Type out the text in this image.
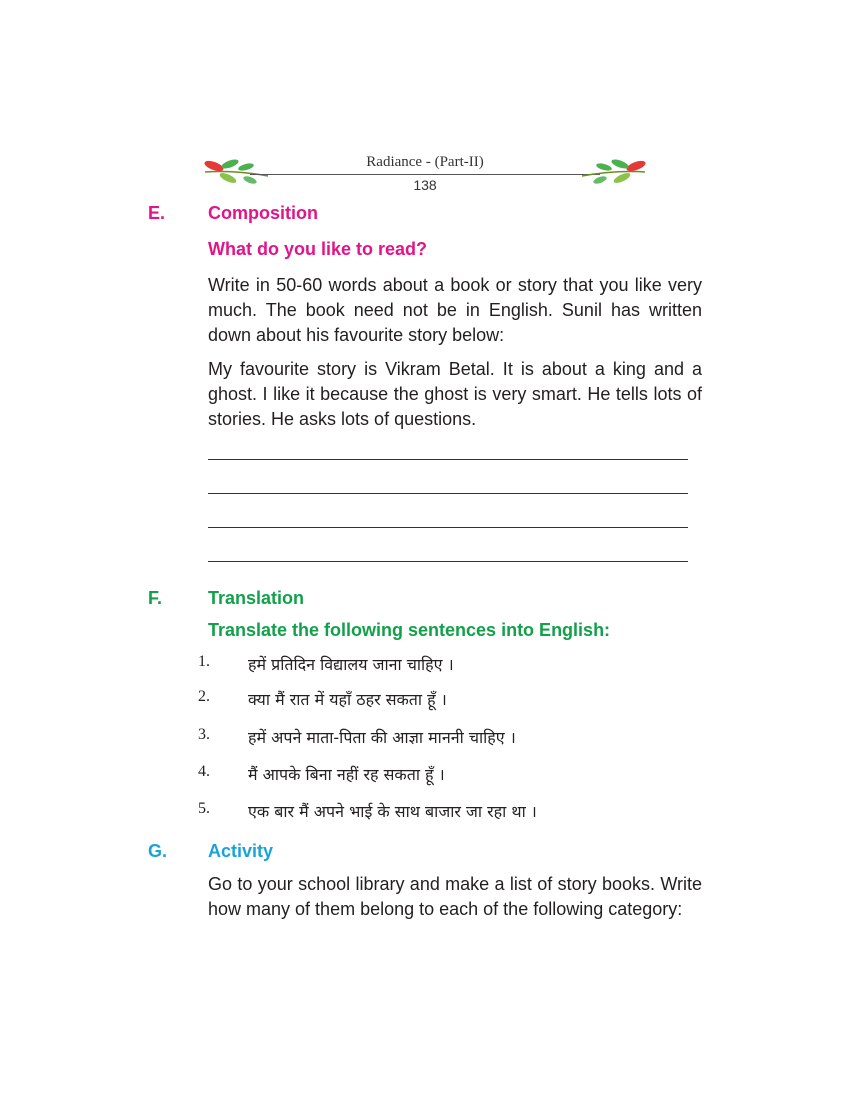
Radiance - (Part-II)
138
E. Composition
What do you like to read?
Write in 50-60 words about a book or story that you like very much. The book need not be in English. Sunil has written down about his favourite story below:
My favourite story is Vikram Betal. It is about a king and a ghost. I like it because the ghost is very smart. He tells lots of stories. He asks lots of questions.
F.	Translation
Translate the following sentences into English:
1.	हमें प्रतिदिन विद्यालय जाना चाहिए ।
2.	क्या मैं रात में यहाँ ठहर सकता हूँ ।
3.	हमें अपने माता-पिता की आज्ञा माननी चाहिए ।
4.	मैं आपके बिना नहीं रह सकता हूँ ।
5.	एक बार मैं अपने भाई के साथ बाजार जा रहा था ।
G. Activity
Go to your school library and make a list of story books. Write how many of them belong to each of the following category:
